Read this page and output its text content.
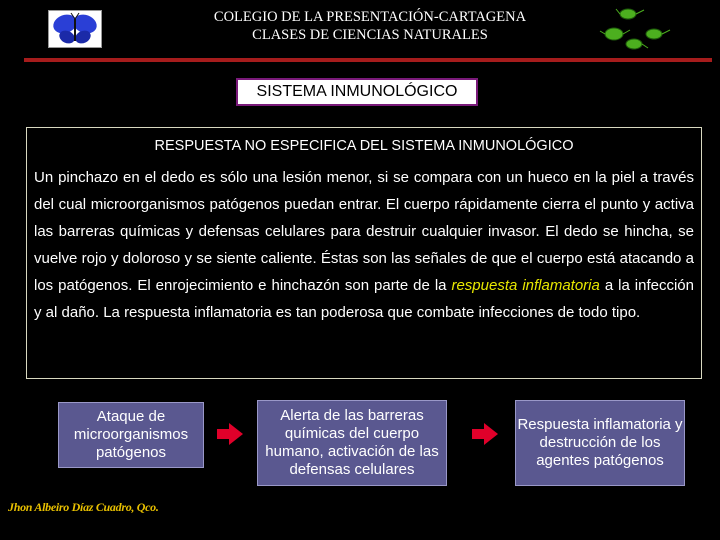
COLEGIO DE LA PRESENTACIÓN-CARTAGENA
CLASES DE CIENCIAS NATURALES
SISTEMA INMUNOLÓGICO
RESPUESTA NO ESPECIFICA DEL SISTEMA INMUNOLÓGICO
Un pinchazo en el dedo es sólo una lesión menor, si se compara con un hueco en la piel a través del cual microorganismos patógenos puedan entrar. El cuerpo rápidamente cierra el punto y activa las barreras químicas y defensas celulares para destruir cualquier invasor. El dedo se hincha, se vuelve rojo y doloroso y se siente caliente. Éstas son las señales de que el cuerpo está atacando a los patógenos. El enrojecimiento e hinchazón son parte de la respuesta inflamatoria a la infección y al daño. La respuesta inflamatoria es tan poderosa que combate infecciones de todo tipo.
Ataque de microorganismos patógenos
Alerta de las barreras químicas del cuerpo humano, activación de las defensas celulares
Respuesta inflamatoria y destrucción de los agentes patógenos
Jhon Albeiro Díaz Cuadro, Qco.
